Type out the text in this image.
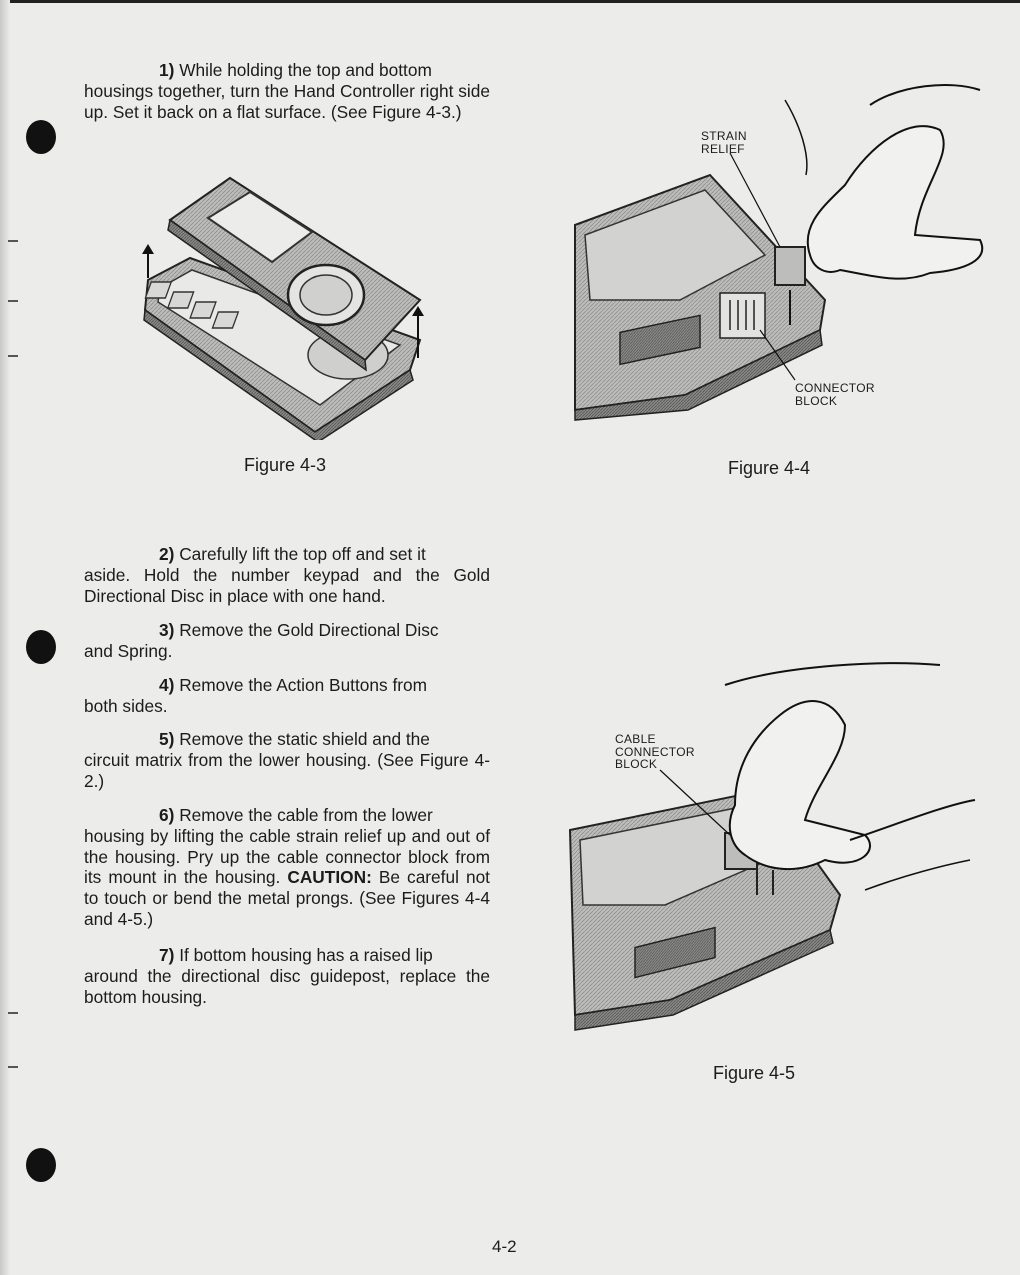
1) While holding the top and bottom
housings together, turn the Hand Controller right side up. Set it back on a flat surface. (See Figure 4-3.)

2) Carefully lift the top off and set it
aside. Hold the number keypad and the Gold Directional Disc in place with one hand.

3) Remove the Gold Directional Disc
and Spring.

4) Remove the Action Buttons from
both sides.

5) Remove the static shield and the
circuit matrix from the lower housing. (See Figure 4-2.)

6) Remove the cable from the lower
housing by lifting the cable strain relief up and out of the housing. Pry up the cable connector block from its mount in the housing. CAUTION: Be careful not to touch or bend the metal prongs. (See Figures 4-4 and 4-5.)

7) If bottom housing has a raised lip
around the directional disc guidepost, replace the bottom housing.

Figure 4-3
STRAIN
RELIEF
CONNECTOR
BLOCK
Figure 4-4
CABLE
CONNECTOR
BLOCK
Figure 4-5
4-2
